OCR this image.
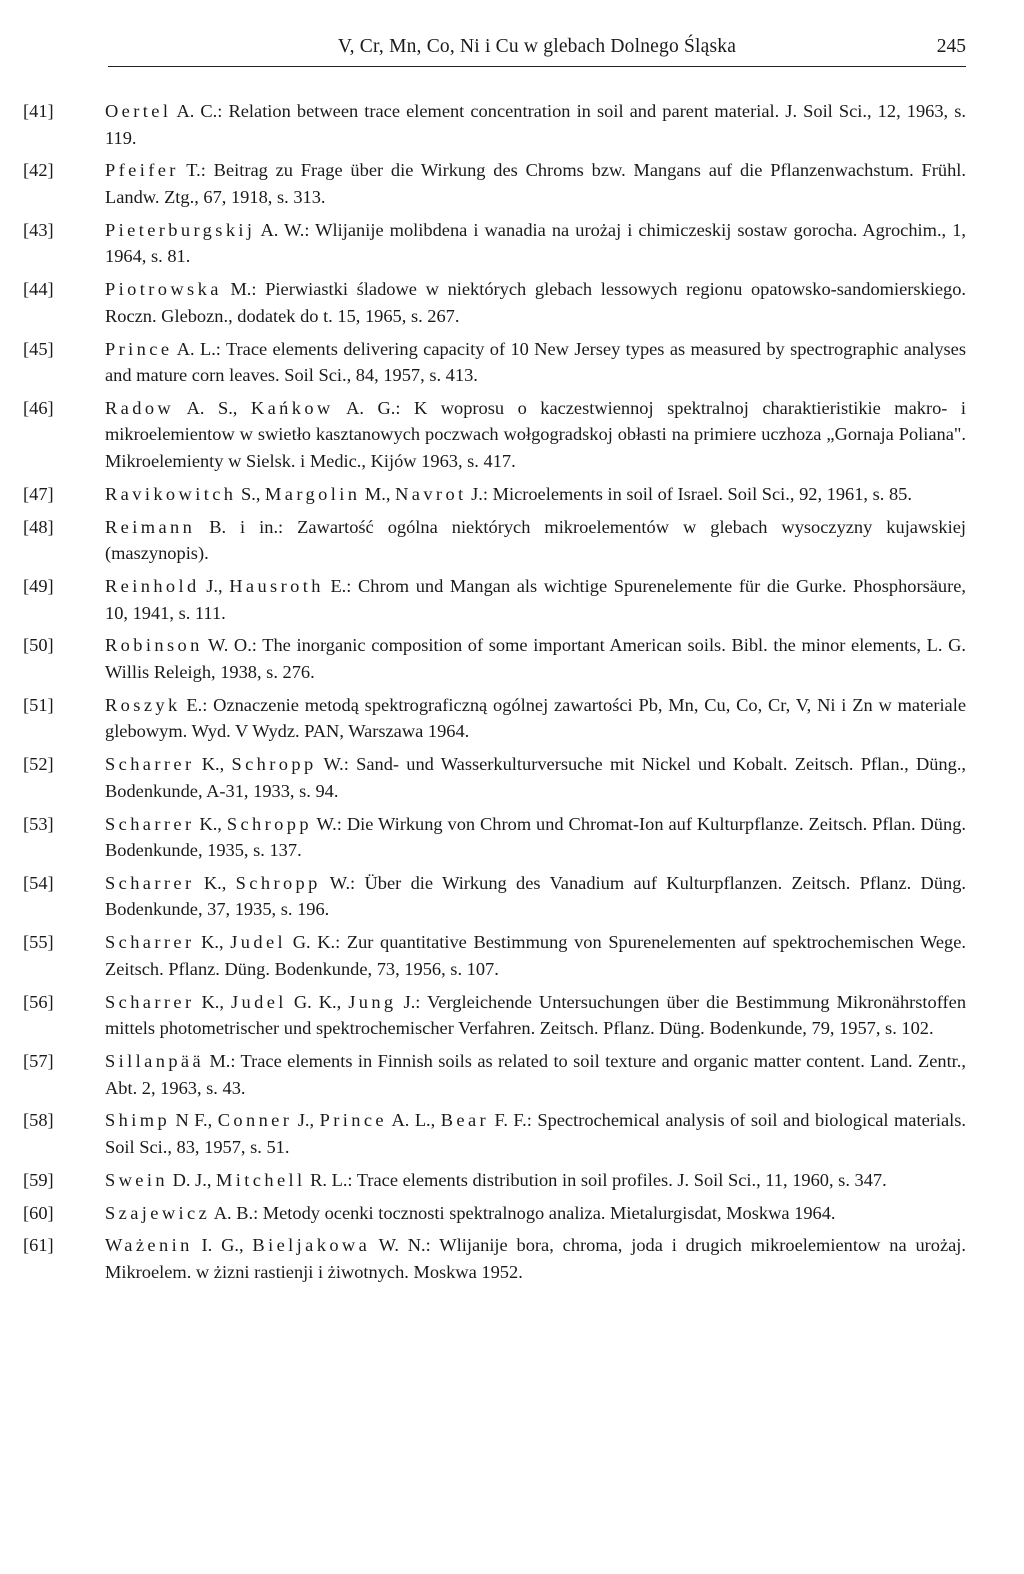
V, Cr, Mn, Co, Ni i Cu w glebach Dolnego Śląska	245
[41]	Oertel A. C.: Relation between trace element concentration in soil and parent material. J. Soil Sci., 12, 1963, s. 119.
[42]	Pfeifer T.: Beitrag zu Frage über die Wirkung des Chroms bzw. Mangans auf die Pflanzenwachstum. Frühl. Landw. Ztg., 67, 1918, s. 313.
[43]	Pieterburgskij A. W.: Wlijanije molibdena i wanadia na urożaj i chimiczeskij sostaw gorocha. Agrochim., 1, 1964, s. 81.
[44]	Piotrowska M.: Pierwiastki śladowe w niektórych glebach lessowych regionu opatowsko-sandomierskiego. Roczn. Glebozn., dodatek do t. 15, 1965, s. 267.
[45]	Prince A. L.: Trace elements delivering capacity of 10 New Jersey types as measured by spectrographic analyses and mature corn leaves. Soil Sci., 84, 1957, s. 413.
[46]	Radow A. S., Kańkow A. G.: K woprosu o kaczestwiennoj spektralnoj charaktieristikie makro- i mikroelemientow w swietło kasztanowych poczwach wołgogradskoj obłasti na primiere uczhoza „Gornaja Poliana". Mikroelemienty w Sielsk. i Medic., Kijów 1963, s. 417.
[47]	Ravikowitch S., Margolin M., Navrot J.: Microelements in soil of Israel. Soil Sci., 92, 1961, s. 85.
[48]	Reimann B. i in.: Zawartość ogólna niektórych mikroelementów w glebach wysoczyzny kujawskiej (maszynopis).
[49]	Reinhold J., Hausroth E.: Chrom und Mangan als wichtige Spurenelemente für die Gurke. Phosphorsäure, 10, 1941, s. 111.
[50]	Robinson W. O.: The inorganic composition of some important American soils. Bibl. the minor elements, L. G. Willis Releigh, 1938, s. 276.
[51]	Roszyk E.: Oznaczenie metodą spektrograficzną ogólnej zawartości Pb, Mn, Cu, Co, Cr, V, Ni i Zn w materiale glebowym. Wyd. V Wydz. PAN, Warszawa 1964.
[52]	Scharrer K., Schropp W.: Sand- und Wasserkulturversuche mit Nickel und Kobalt. Zeitsch. Pflan., Düng., Bodenkunde, A-31, 1933, s. 94.
[53]	Scharrer K., Schropp W.: Die Wirkung von Chrom und Chromat-Ion auf Kulturpflanze. Zeitsch. Pflan. Düng. Bodenkunde, 1935, s. 137.
[54]	Scharrer K., Schropp W.: Über die Wirkung des Vanadium auf Kulturpflanzen. Zeitsch. Pflanz. Düng. Bodenkunde, 37, 1935, s. 196.
[55]	Scharrer K., Judel G. K.: Zur quantitative Bestimmung von Spurenelementen auf spektrochemischen Wege. Zeitsch. Pflanz. Düng. Bodenkunde, 73, 1956, s. 107.
[56]	Scharrer K., Judel G. K., Jung J.: Vergleichende Untersuchungen über die Bestimmung Mikronährstoffen mittels photometrischer und spektrochemischer Verfahren. Zeitsch. Pflanz. Düng. Bodenkunde, 79, 1957, s. 102.
[57]	Sillanpää M.: Trace elements in Finnish soils as related to soil texture and organic matter content. Land. Zentr., Abt. 2, 1963, s. 43.
[58]	Shimp N F., Conner J., Prince A. L., Bear F. F.: Spectrochemical analysis of soil and biological materials. Soil Sci., 83, 1957, s. 51.
[59]	Swein D. J., Mitchell R. L.: Trace elements distribution in soil profiles. J. Soil Sci., 11, 1960, s. 347.
[60]	Szajewicz A. B.: Metody ocenki tocznosti spektralnogo analiza. Mietalurgisdat, Moskwa 1964.
[61]	Ważenin I. G., Bieljakowa W. N.: Wlijanije bora, chroma, joda i drugich mikroelemientow na urożaj. Mikroelem. w żizni rastienji i żiwotnych. Moskwa 1952.
